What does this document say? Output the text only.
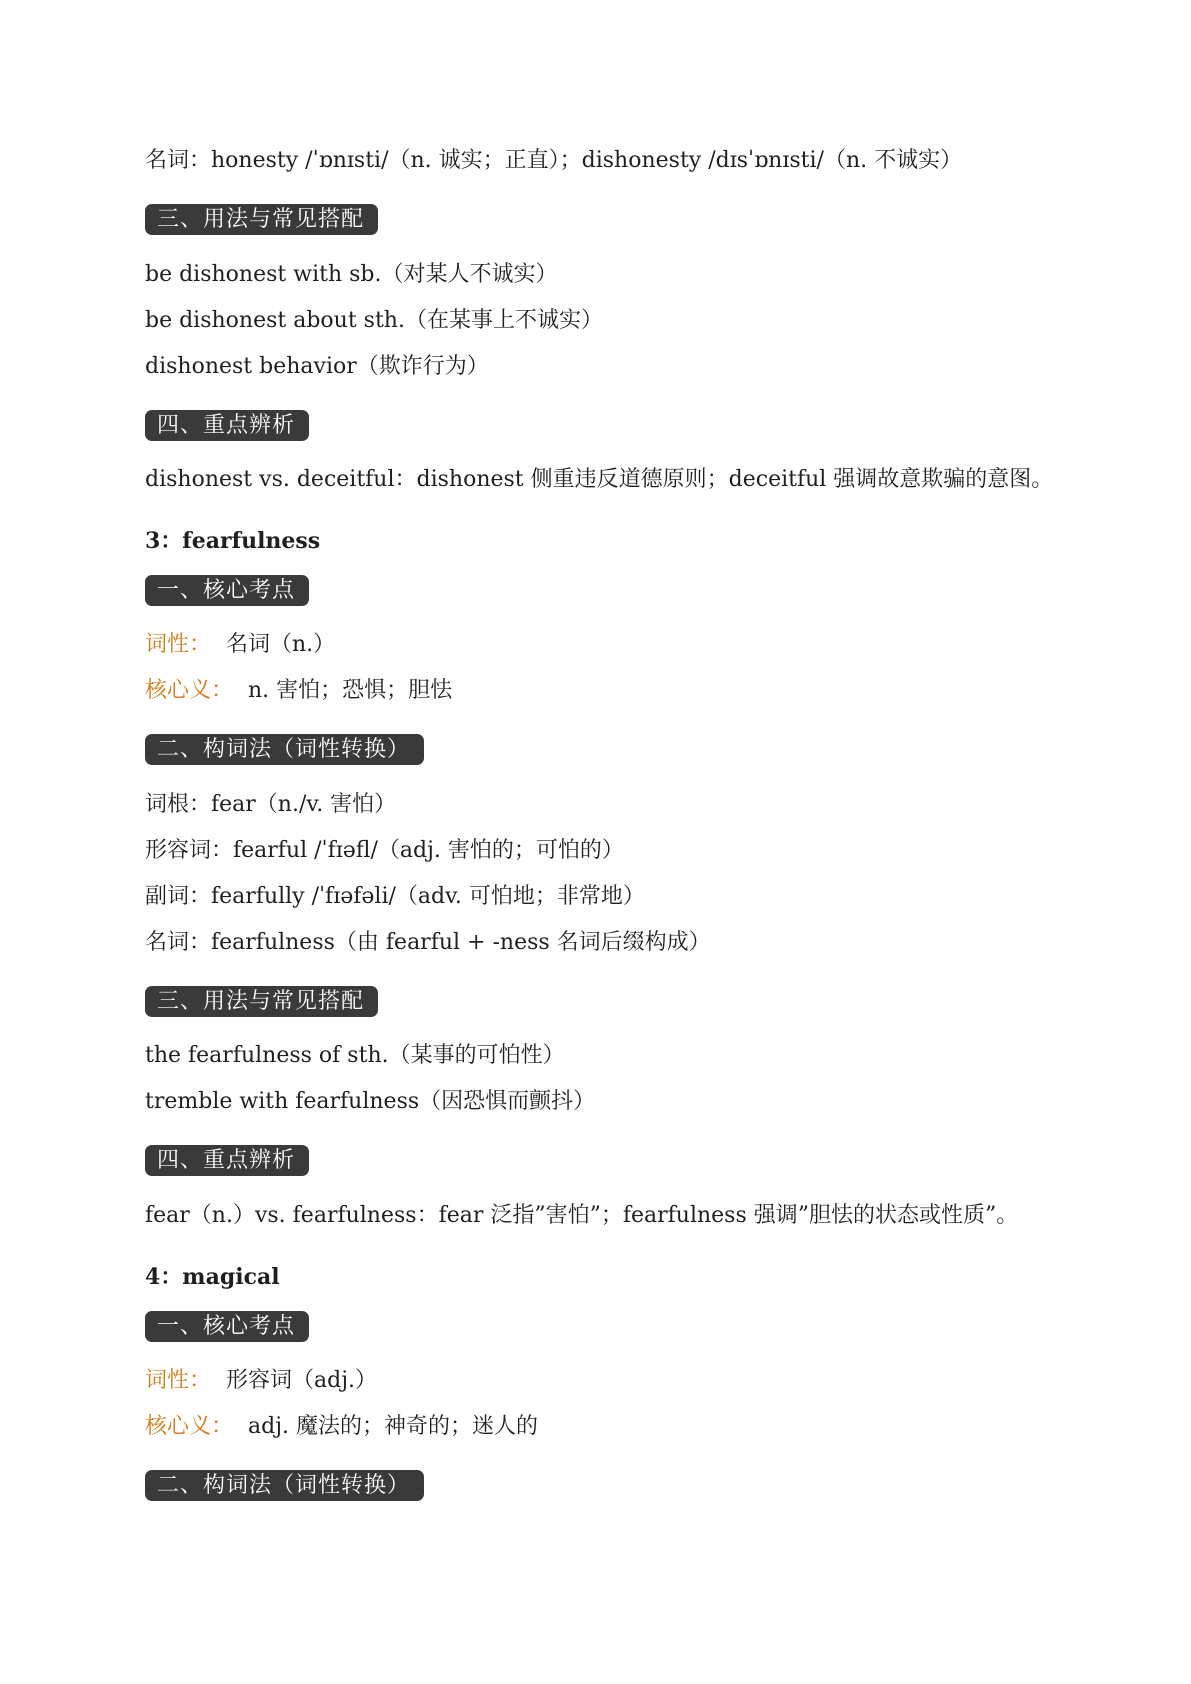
名词：honesty /ˈɒnɪsti/（n. 诚实；正直）；dishonesty /dɪsˈɒnɪsti/（n. 不诚实）
三、用法与常见搭配
be dishonest with sb.（对某人不诚实）
be dishonest about sth.（在某事上不诚实）
dishonest behavior（欺诈行为）
四、重点辨析
dishonest vs. deceitful：dishonest 侧重违反道德原则；deceitful 强调故意欺骗的意图。
3：fearfulness
一、核心考点
词性： 名词（n.）
核心义： n. 害怕；恐惧；胆怯
二、构词法（词性转换）
词根：fear（n./v. 害怕）
形容词：fearful /ˈfɪəfl/（adj. 害怕的；可怕的）
副词：fearfully /ˈfɪəfəli/（adv. 可怕地；非常地）
名词：fearfulness（由 fearful + -ness 名词后缀构成）
三、用法与常见搭配
the fearfulness of sth.（某事的可怕性）
tremble with fearfulness（因恐惧而颤抖）
四、重点辨析
fear（n.）vs. fearfulness：fear 泛指”害怕”；fearfulness 强调”胆怯的状态或性质”。
4：magical
一、核心考点
词性： 形容词（adj.）
核心义： adj. 魔法的；神奇的；迷人的
二、构词法（词性转换）
